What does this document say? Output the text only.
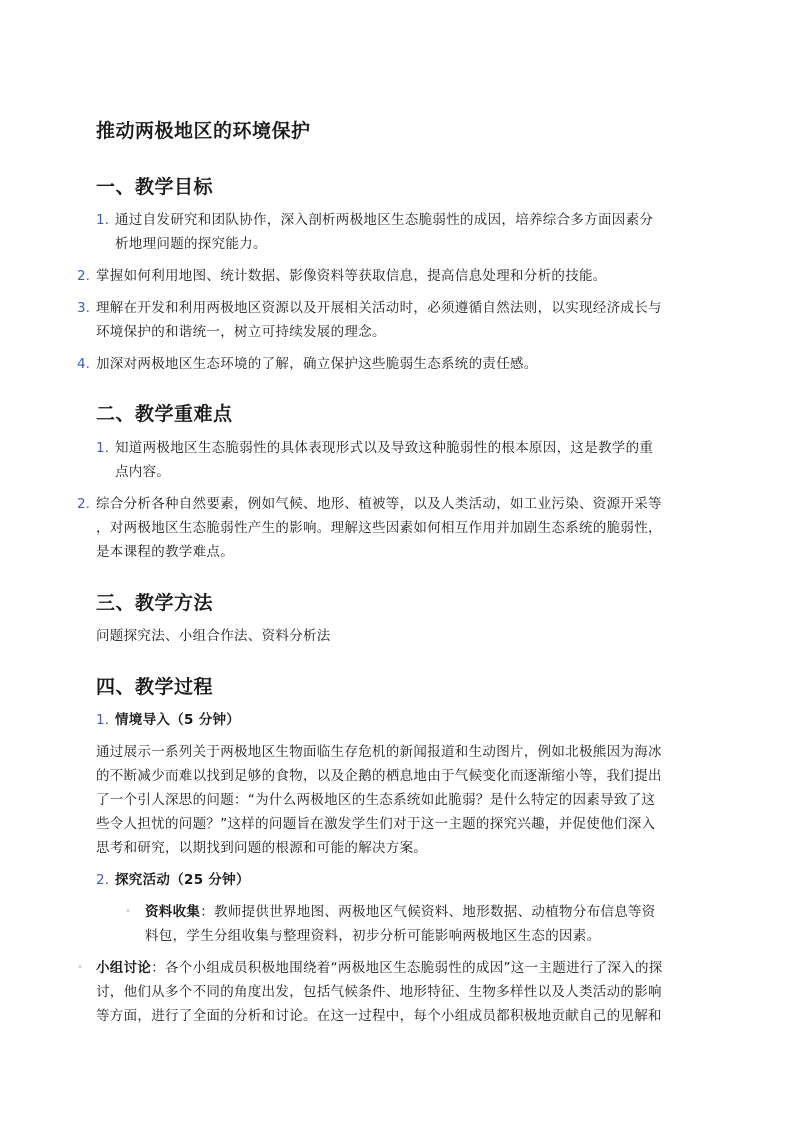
推动两极地区的环境保护
一、教学目标
1. 通过自发研究和团队协作，深入剖析两极地区生态脆弱性的成因，培养综合多方面因素分

析地理问题的探究能力。

2. 掌握如何利用地图、统计数据、影像资料等获取信息，提高信息处理和分析的技能。

3. 理解在开发和利用两极地区资源以及开展相关活动时，必须遵循自然法则，以实现经济成长与

环境保护的和谐统一，树立可持续发展的理念。

4. 加深对两极地区生态环境的了解，确立保护这些脆弱生态系统的责任感。

二、教学重难点
1. 知道两极地区生态脆弱性的具体表现形式以及导致这种脆弱性的根本原因，这是教学的重

点内容。

2. 综合分析各种自然要素，例如气候、地形、植被等，以及人类活动，如工业污染、资源开采等

，对两极地区生态脆弱性产生的影响。理解这些因素如何相互作用并加剧生态系统的脆弱性，

是本课程的教学难点。

三、教学方法

问题探究法、小组合作法、资料分析法

四、教学过程
1. 情境导入（5 分钟）

通过展示一系列关于两极地区生物面临生存危机的新闻报道和生动图片，例如北极熊因为海冰

的不断减少而难以找到足够的食物，以及企鹅的栖息地由于气候变化而逐渐缩小等，我们提出

了一个引人深思的问题：“为什么两极地区的生态系统如此脆弱？是什么特定的因素导致了这

些令人担忧的问题？”这样的问题旨在激发学生们对于这一主题的探究兴趣，并促使他们深入

思考和研究，以期找到问题的根源和可能的解决方案。

2. 探究活动（25 分钟）

◦ 资料收集：教师提供世界地图、两极地区气候资料、地形数据、动植物分布信息等资

料包，学生分组收集与整理资料，初步分析可能影响两极地区生态的因素。

◦ 小组讨论：各个小组成员积极地围绕着“两极地区生态脆弱性的成因”这一主题进行了深入的探

讨，他们从多个不同的角度出发，包括气候条件、地形特征、生物多样性以及人类活动的影响

等方面，进行了全面的分析和讨论。在这一过程中，每个小组成员都积极地贡献自己的见解和
